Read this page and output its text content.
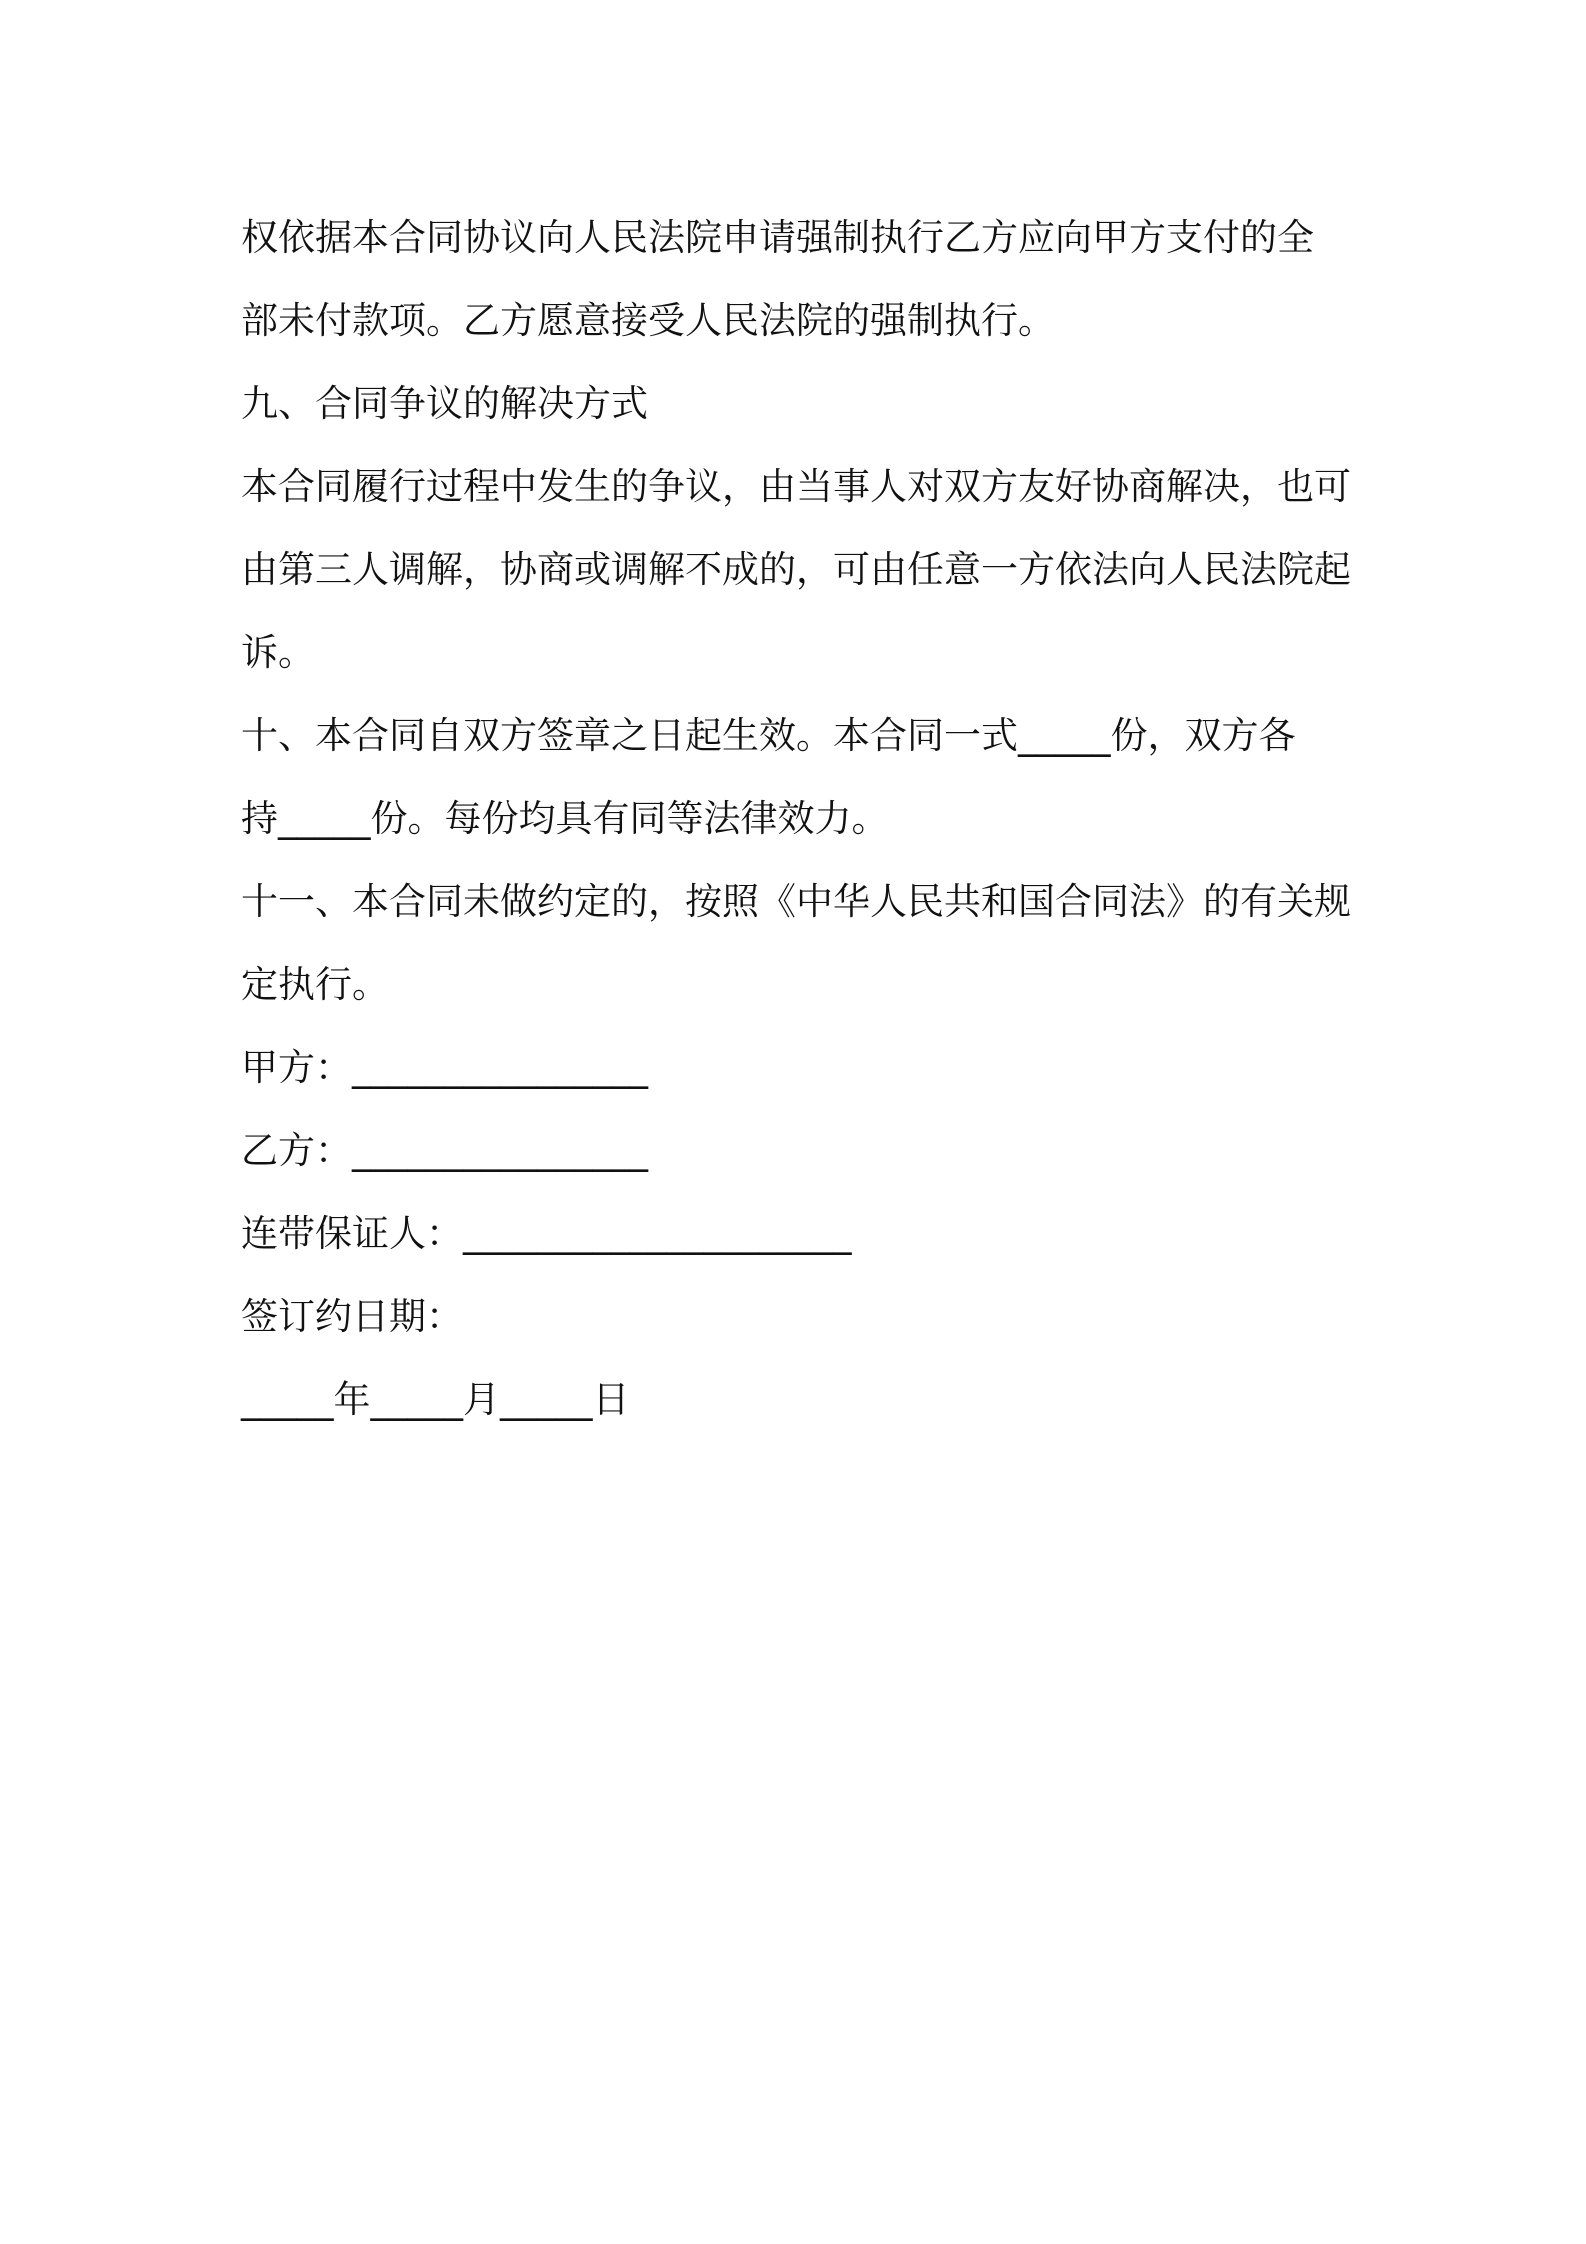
权依据本合同协议向人民法院申请强制执行乙方应向甲方支付的全
部未付款项。乙方愿意接受人民法院的强制执行。
九、合同争议的解决方式
本合同履行过程中发生的争议，由当事人对双方友好协商解决，也可
由第三人调解，协商或调解不成的，可由任意一方依法向人民法院起
诉。
十、本合同自双方签章之日起生效。本合同一式_____份，双方各
持_____份。每份均具有同等法律效力。
十一、本合同未做约定的，按照《中华人民共和国合同法》的有关规
定执行。
甲方：________________
乙方：________________
连带保证人：_____________________
签订约日期：
_____年_____月_____日
